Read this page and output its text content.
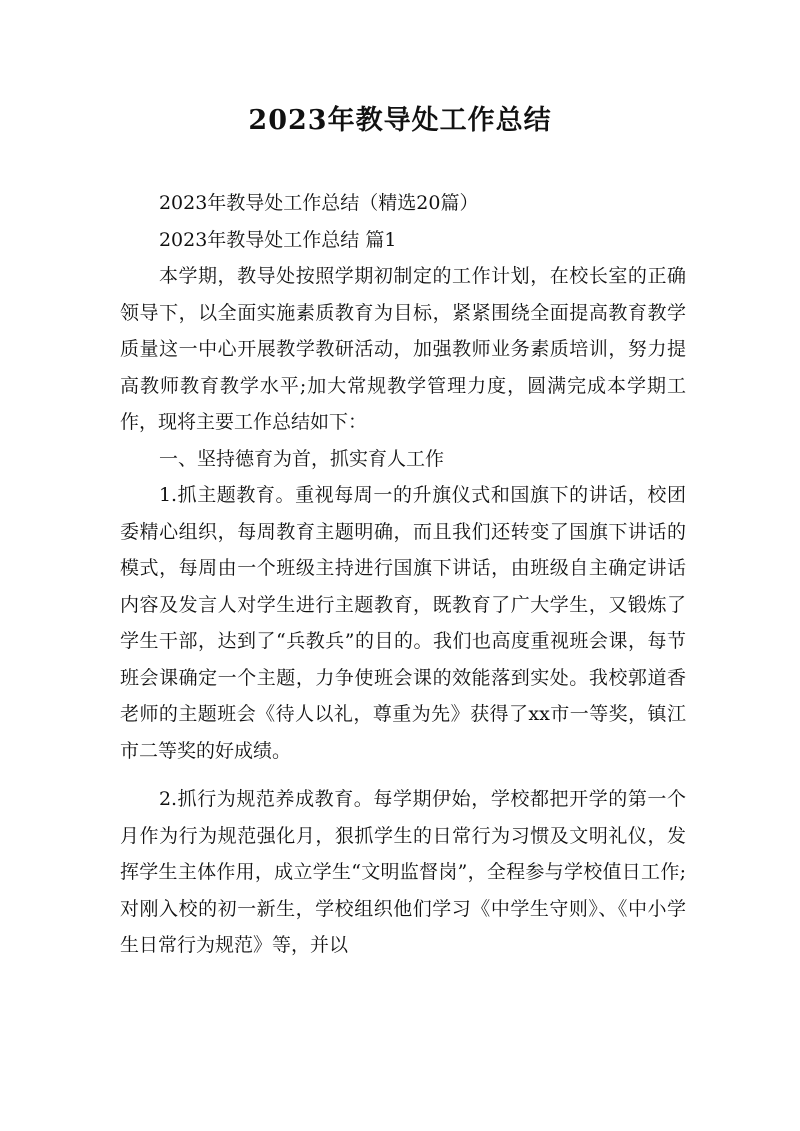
2023年教导处工作总结

2023年教导处工作总结（精选20篇）

2023年教导处工作总结 篇1

本学期，教导处按照学期初制定的工作计划，在校长室的正确领导下，以全面实施素质教育为目标，紧紧围绕全面提高教育教学质量这一中心开展教学教研活动，加强教师业务素质培训，努力提高教师教育教学水平;加大常规教学管理力度，圆满完成本学期工作，现将主要工作总结如下：

一、坚持德育为首，抓实育人工作

1.抓主题教育。重视每周一的升旗仪式和国旗下的讲话，校团委精心组织，每周教育主题明确，而且我们还转变了国旗下讲话的模式，每周由一个班级主持进行国旗下讲话，由班级自主确定讲话内容及发言人对学生进行主题教育，既教育了广大学生，又锻炼了学生干部，达到了“兵教兵”的目的。我们也高度重视班会课，每节班会课确定一个主题，力争使班会课的效能落到实处。我校郭道香老师的主题班会《待人以礼，尊重为先》获得了xx市一等奖，镇江市二等奖的好成绩。

2.抓行为规范养成教育。每学期伊始，学校都把开学的第一个月作为行为规范强化月，狠抓学生的日常行为习惯及文明礼仪，发挥学生主体作用，成立学生“文明监督岗”，全程参与学校值日工作;对刚入校的初一新生，学校组织他们学习《中学生守则》、《中小学生日常行为规范》等，并以
